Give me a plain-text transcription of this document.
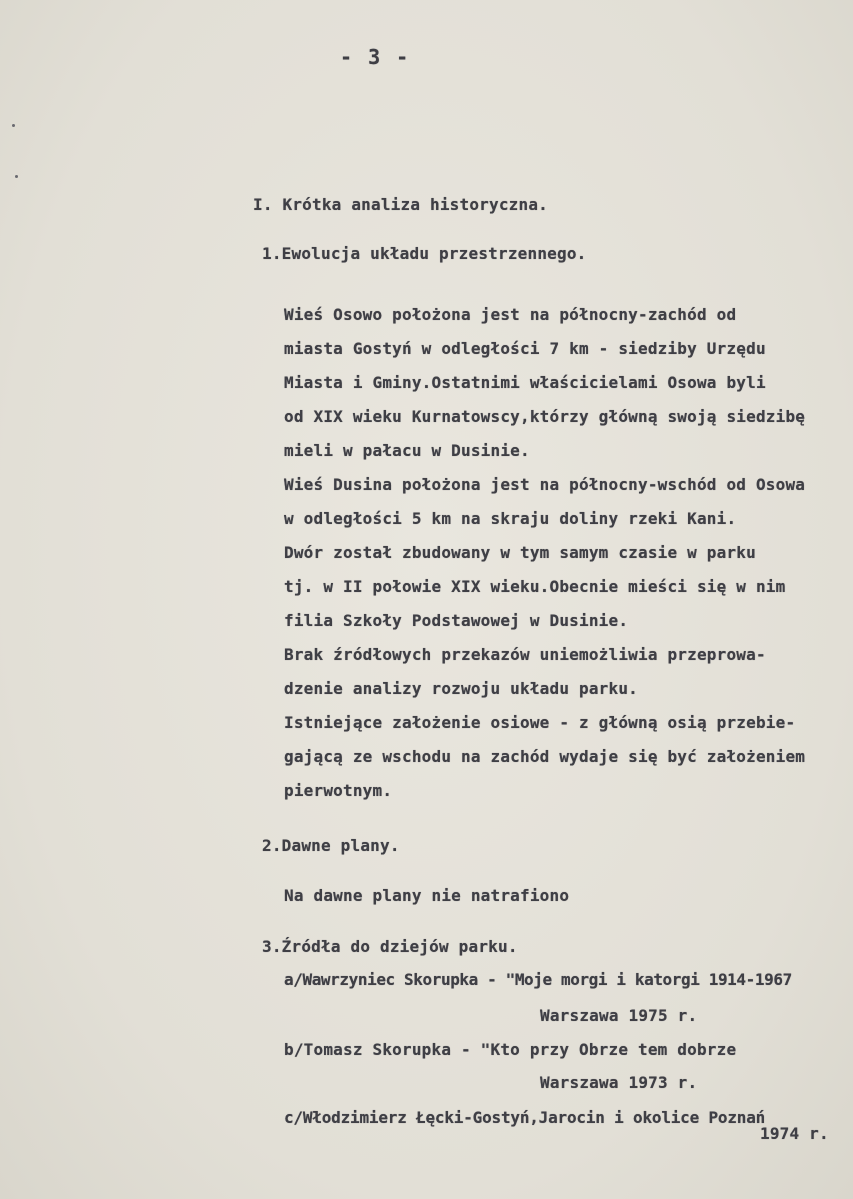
- 3 -
I. Krótka analiza historyczna.
1.Ewolucja układu przestrzennego.
Wieś Osowo położona jest na północny-zachód od
miasta Gostyń w odległości 7 km - siedziby Urzędu
Miasta i Gminy.Ostatnimi właścicielami Osowa byli
od XIX wieku Kurnatowscy,którzy główną swoją siedzibę
mieli w pałacu w Dusinie.
Wieś Dusina położona jest na północny-wschód od Osowa
w odległości 5 km na skraju doliny rzeki Kani.
Dwór został zbudowany w tym samym czasie w parku
tj. w II połowie XIX wieku.Obecnie mieści się w nim
filia Szkoły Podstawowej w Dusinie.
Brak źródłowych przekazów uniemożliwia przeprowa-
dzenie analizy rozwoju układu parku.
Istniejące założenie osiowe - z główną osią przebie-
gającą ze wschodu na zachód wydaje się być założeniem
pierwotnym.
2.Dawne plany.
Na dawne plany nie natrafiono
3.Źródła do dziejów parku.
a/Wawrzyniec Skorupka - "Moje morgi i katorgi 1914-1967
Warszawa 1975 r.
b/Tomasz Skorupka - "Kto przy Obrze tem dobrze
Warszawa 1973 r.
c/Włodzimierz Łęcki-Gostyń,Jarocin i okolice Poznań
1974 r.
